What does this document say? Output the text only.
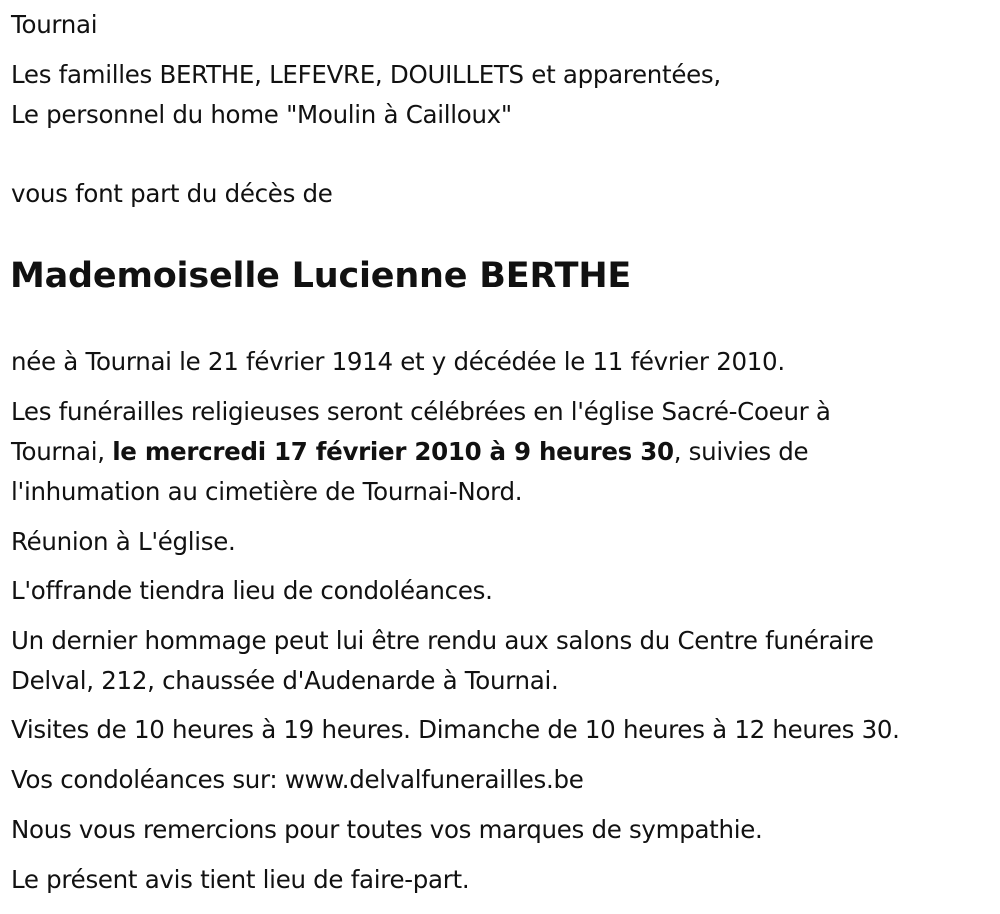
Tournai
Les familles BERTHE, LEFEVRE, DOUILLETS et apparentées,
Le personnel du home "Moulin à Cailloux"
vous font part du décès de
Mademoiselle Lucienne BERTHE
née à Tournai le 21 février 1914 et y décédée le 11 février 2010.
Les funérailles religieuses seront célébrées en l'église Sacré-Coeur à
Tournai, le mercredi 17 février 2010 à 9 heures 30, suivies de
l'inhumation au cimetière de Tournai-Nord.
Réunion à L'église.
L'offrande tiendra lieu de condoléances.
Un dernier hommage peut lui être rendu aux salons du Centre funéraire
Delval, 212, chaussée d'Audenarde à Tournai.
Visites de 10 heures à 19 heures. Dimanche de 10 heures à 12 heures 30.
Vos condoléances sur: www.delvalfunerailles.be
Nous vous remercions pour toutes vos marques de sympathie.
Le présent avis tient lieu de faire-part.
